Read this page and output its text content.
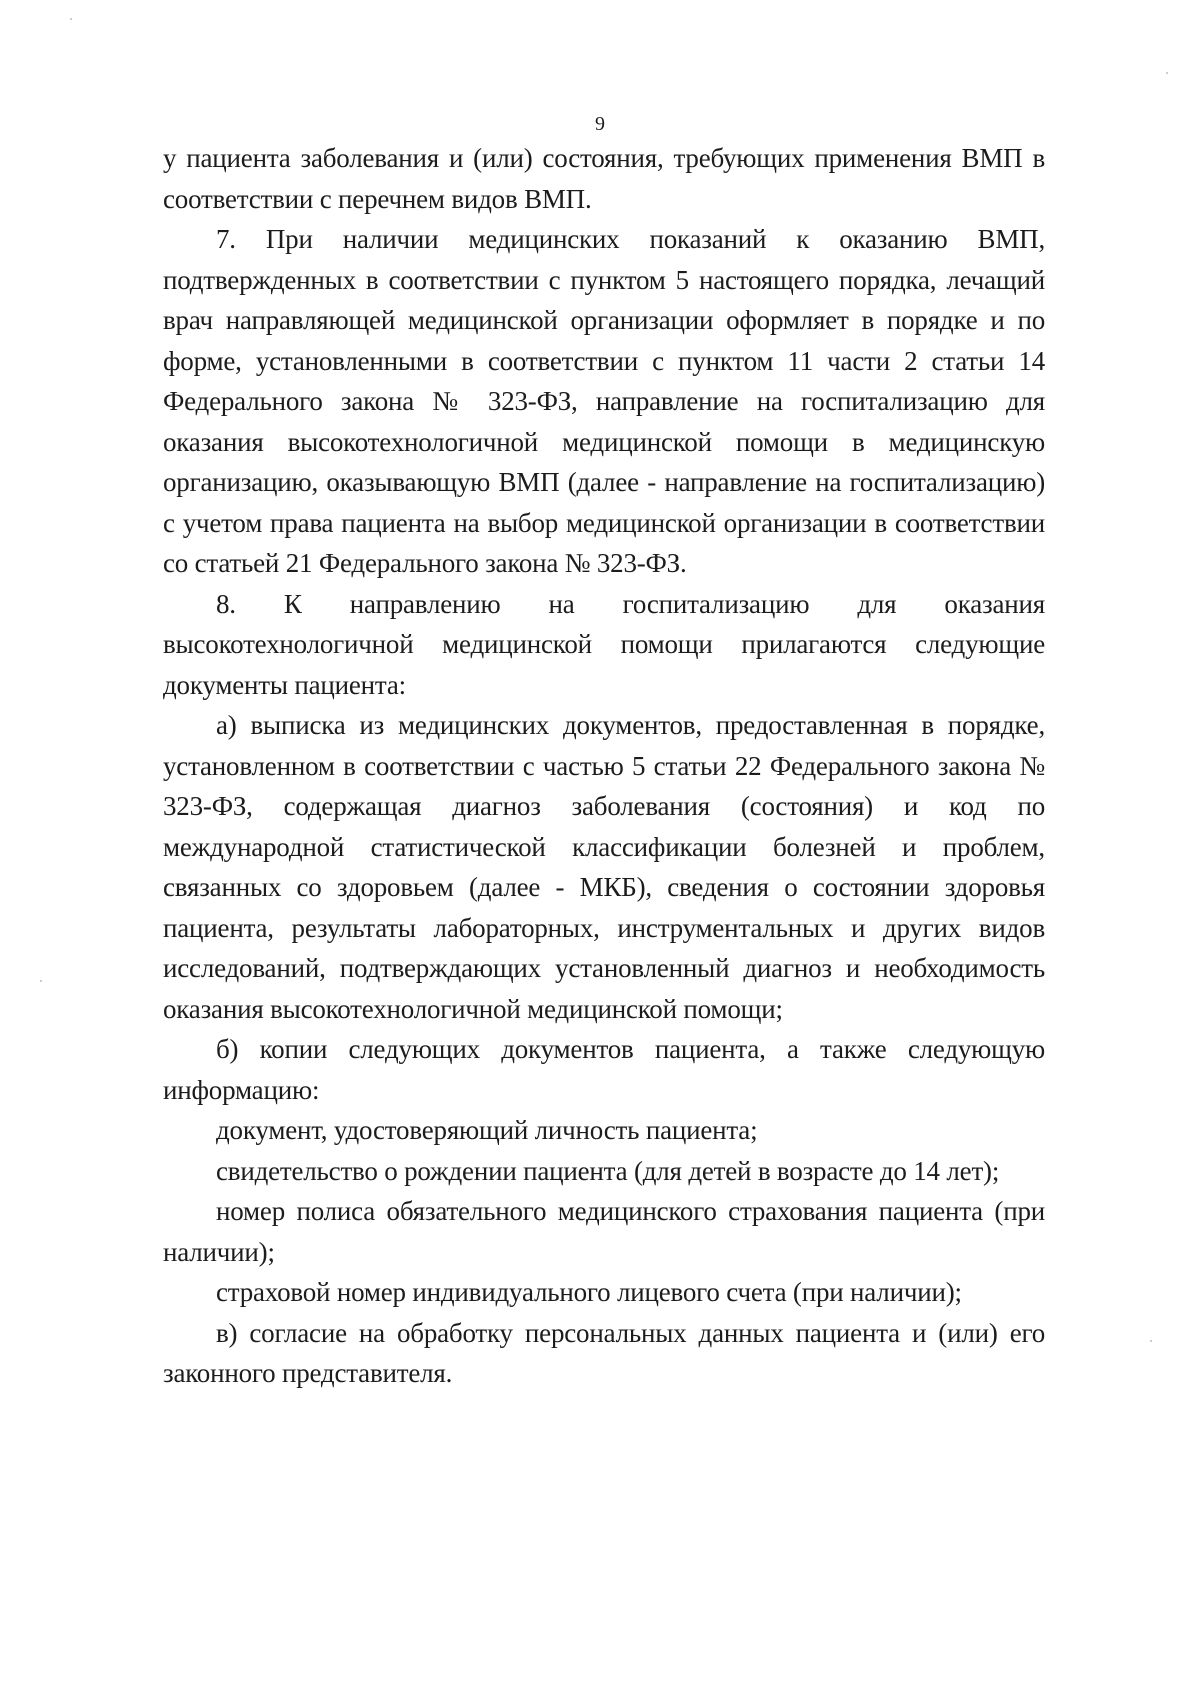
9

у пациента заболевания и (или) состояния, требующих применения ВМП в соответствии с перечнем видов ВМП.

7. При наличии медицинских показаний к оказанию ВМП, подтвержденных в соответствии с пунктом 5 настоящего порядка, лечащий врач направляющей медицинской организации оформляет в порядке и по форме, установленными в соответствии с пунктом 11 части 2 статьи 14 Федерального закона № 323-ФЗ, направление на госпитализацию для оказания высокотехнологичной медицинской помощи в медицинскую организацию, оказывающую ВМП (далее - направление на госпитализацию) с учетом права пациента на выбор медицинской организации в соответствии со статьей 21 Федерального закона № 323-ФЗ.

8. К направлению на госпитализацию для оказания высокотехнологичной медицинской помощи прилагаются следующие документы пациента:

а) выписка из медицинских документов, предоставленная в порядке, установленном в соответствии с частью 5 статьи 22 Федерального закона № 323-ФЗ, содержащая диагноз заболевания (состояния) и код по международной статистической классификации болезней и проблем, связанных со здоровьем (далее - МКБ), сведения о состоянии здоровья пациента, результаты лабораторных, инструментальных и других видов исследований, подтверждающих установленный диагноз и необходимость оказания высокотехнологичной медицинской помощи;

б) копии следующих документов пациента, а также следующую информацию:

документ, удостоверяющий личность пациента;

свидетельство о рождении пациента (для детей в возрасте до 14 лет);

номер полиса обязательного медицинского страхования пациента (при наличии);

страховой номер индивидуального лицевого счета (при наличии);

в) согласие на обработку персональных данных пациента и (или) его законного представителя.
